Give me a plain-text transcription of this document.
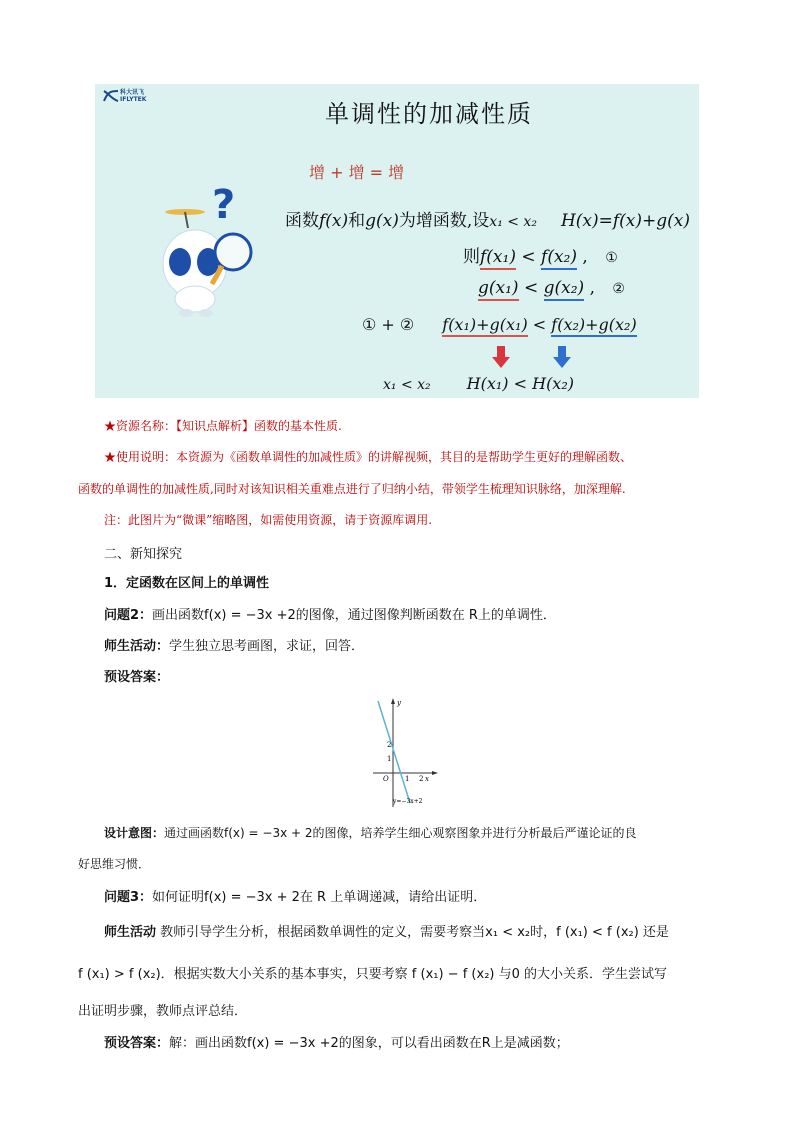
科大讯飞
IFLYTEK
单调性的加减性质
增 + 增 = 增
?	函数f(x)和g(x)为增函数,设x₁ < x₂ H(x)=f(x)+g(x)
则f(x₁) < f(x₂) , ①
g(x₁) < g(x₂) , ②
① + ② f(x₁)+g(x₁) < f(x₂)+g(x₂)
x₁ < x₂ H(x₁) < H(x₂)
★资源名称：【知识点解析】函数的基本性质.
★使用说明：本资源为《函数单调性的加减性质》的讲解视频，其目的是帮助学生更好的理解函数、
函数的单调性的加减性质,同时对该知识相关重难点进行了归纳小结，带领学生梳理知识脉络，加深理解.
注：此图片为“微课”缩略图，如需使用资源，请于资源库调用.
二、新知探究
1．定函数在区间上的单调性
问题2：画出函数f(x) = −3x +2的图像，通过图像判断函数在 R上的单调性．
师生活动：学生独立思考画图，求证，回答．
预设答案：
y
x
O
2
1
1 2
y=−3x+2
设计意图：通过画函数f(x) = −3x + 2的图像，培养学生细心观察图象并进行分析最后严谨论证的良
好思维习惯．
问题3：如何证明f(x) = −3x + 2在 R 上单调递减，请给出证明．
师生活动 教师引导学生分析，根据函数单调性的定义，需要考察当x₁ < x₂时，f (x₁) < f (x₂) 还是
f (x₁) > f (x₂)．根据实数大小关系的基本事实，只要考察 f (x₁) − f (x₂) 与0 的大小关系．学生尝试写
出证明步骤，教师点评总结．
预设答案：解：画出函数f(x) = −3x +2的图象，可以看出函数在R上是减函数；
